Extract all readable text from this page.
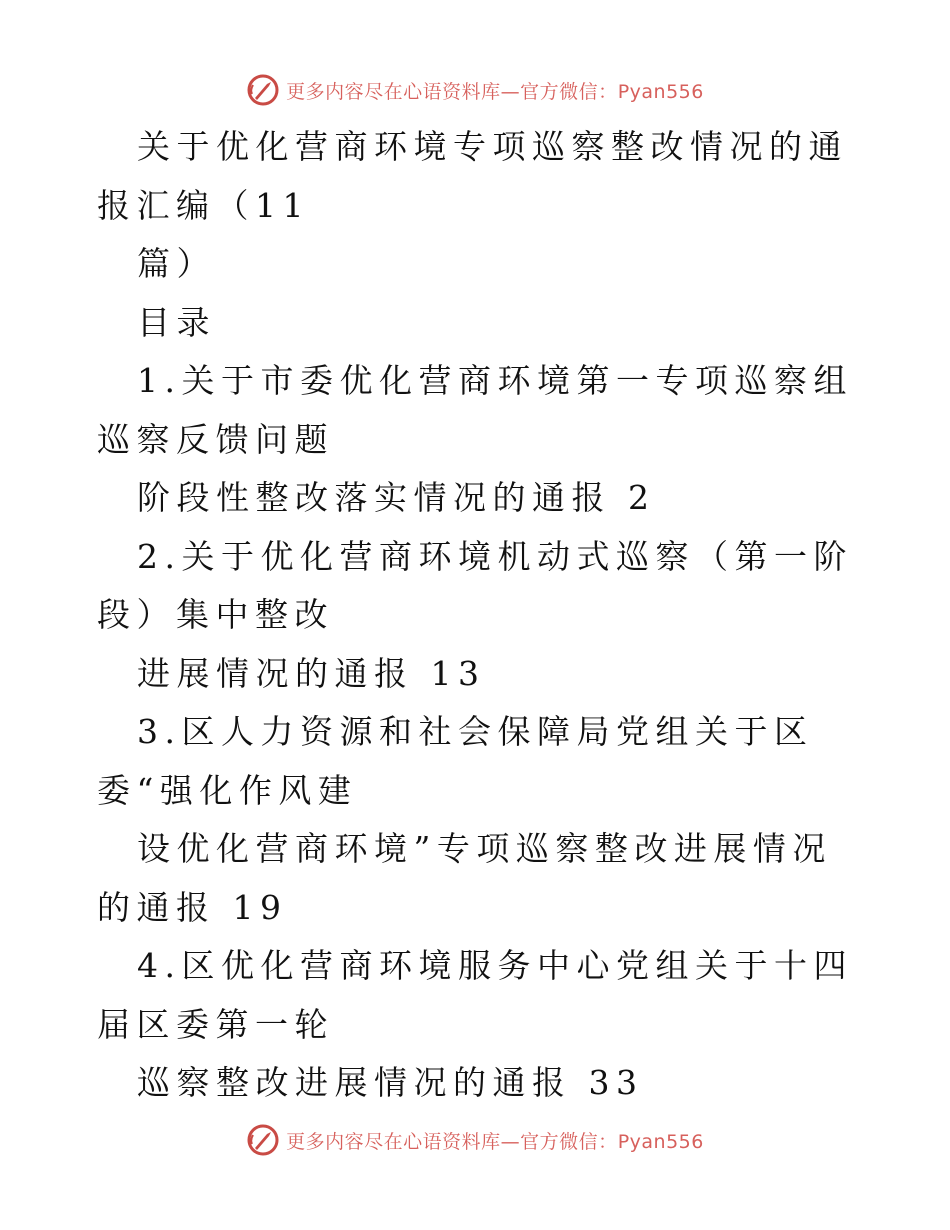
更多内容尽在心语资料库—官方微信：Pyan556

关于优化营商环境专项巡察整改情况的通报汇编（11

篇）

目录

1.关于市委优化营商环境第一专项巡察组巡察反馈问题

阶段性整改落实情况的通报 2

2.关于优化营商环境机动式巡察（第一阶段）集中整改

进展情况的通报 13

3.区人力资源和社会保障局党组关于区委“强化作风建

设优化营商环境”专项巡察整改进展情况的通报 19

4.区优化营商环境服务中心党组关于十四届区委第一轮

巡察整改进展情况的通报 33

更多内容尽在心语资料库—官方微信：Pyan556
